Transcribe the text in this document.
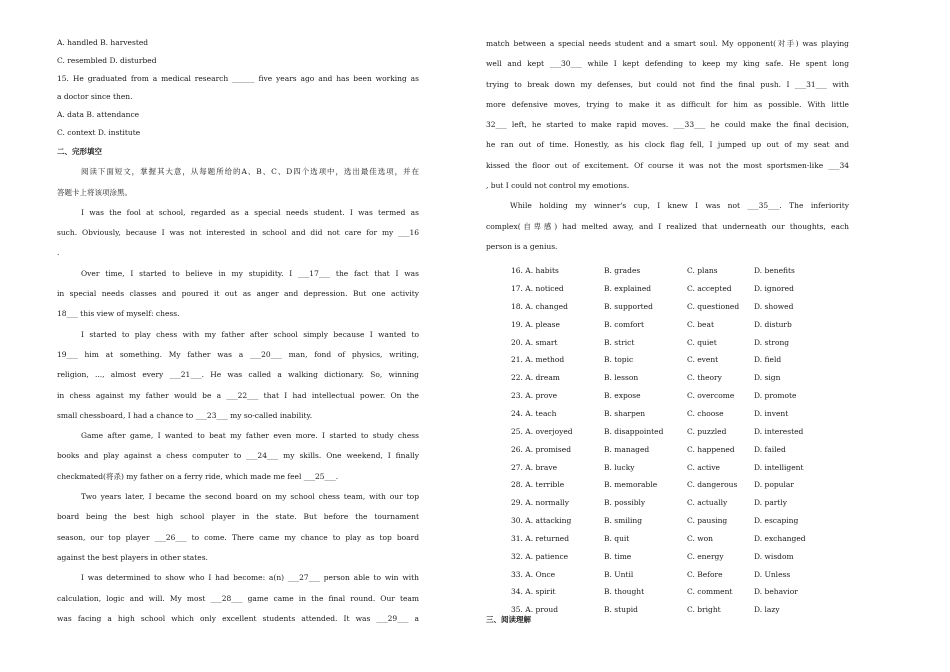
A. handled B. harvested
C. resembled D. disturbed
15. He graduated from a medical research ______ five years ago and has been working as
a doctor since then.
A. data B. attendance
C. context D. institute
二、完形填空
阅读下面短文，掌握其大意，从每题所给的A、B、C、D四个选项中，选出最佳选项，并在
答题卡上将该项涂黑。
I was the fool at school, regarded as a special needs student. I was termed as
such. Obviously, because I was not interested in school and did not care for my ___16
.
Over time, I started to believe in my stupidity. I ___17___ the fact that I was
in special needs classes and poured it out as anger and depression. But one activity
18___ this view of myself: chess.
I started to play chess with my father after school simply because I wanted to
19___ him at something. My father was a ___20___ man, fond of physics, writing,
religion, ..., almost every ___21___. He was called a walking dictionary. So, winning
in chess against my father would be a ___22___ that I had intellectual power. On the
small chessboard, I had a chance to ___23___ my so-called inability.
Game after game, I wanted to beat my father even more. I started to study chess
books and play against a chess computer to ___24___ my skills. One weekend, I finally
checkmated(将杀) my father on a ferry ride, which made me feel ___25___.
Two years later, I became the second board on my school chess team, with our top
board being the best high school player in the state. But before the tournament
season, our top player ___26___ to come. There came my chance to play as top board
against the best players in other states.
I was determined to show who I had become: a(n) ___27___ person able to win with
calculation, logic and will. My most ___28___ game came in the final round. Our team
was facing a high school which only excellent students attended. It was ___29___ a
match between a special needs student and a smart soul. My opponent(对手) was playing
well and kept ___30___ while I kept defending to keep my king safe. He spent long
trying to break down my defenses, but could not find the final push. I ___31___ with
more defensive moves, trying to make it as difficult for him as possible. With little
32___ left, he started to make rapid moves. ___33___ he could make the final decision,
he ran out of time. Honestly, as his clock flag fell, I jumped up out of my seat and
kissed the floor out of excitement. Of course it was not the most sportsmen-like ___34
, but I could not control my emotions.
While holding my winner's cup, I knew I was not ___35___. The inferiority
complex(自卑感) had melted away, and I realized that underneath our thoughts, each
person is a genius.
16. A. habits	B. grades	C. plans	D. benefits
17. A. noticed	B. explained	C. accepted	D. ignored
18. A. changed	B. supported	C. questioned D. showed
19. A. please	B. comfort	C. beat	D. disturb
20. A. smart	B. strict	C. quiet	D. strong
21. A. method	B. topic	C. event	D. field
22. A. dream	B. lesson	C. theory	D. sign
23. A. prove	B. expose	C. overcome	D. promote
24. A. teach	B. sharpen	C. choose	D. invent
25. A. overjoyed	B. disappointed	C. puzzled	D. interested
26. A. promised	B. managed	C. happened	D. failed
27. A. brave	B. lucky	C. active	D. intelligent
28. A. terrible	B. memorable	C. dangerous D. popular
29. A. normally	B. possibly	C. actually	D. partly
30. A. attacking	B. smiling	C. pausing	D. escaping
31. A. returned	B. quit	C. won	D. exchanged
32. A. patience	B. time	C. energy	D. wisdom
33. A. Once	B. Until	C. Before	D. Unless
34. A. spirit	B. thought	C. comment	D. behavior
35. A. proud	B. stupid	C. bright	D. lazy
三、阅读理解
